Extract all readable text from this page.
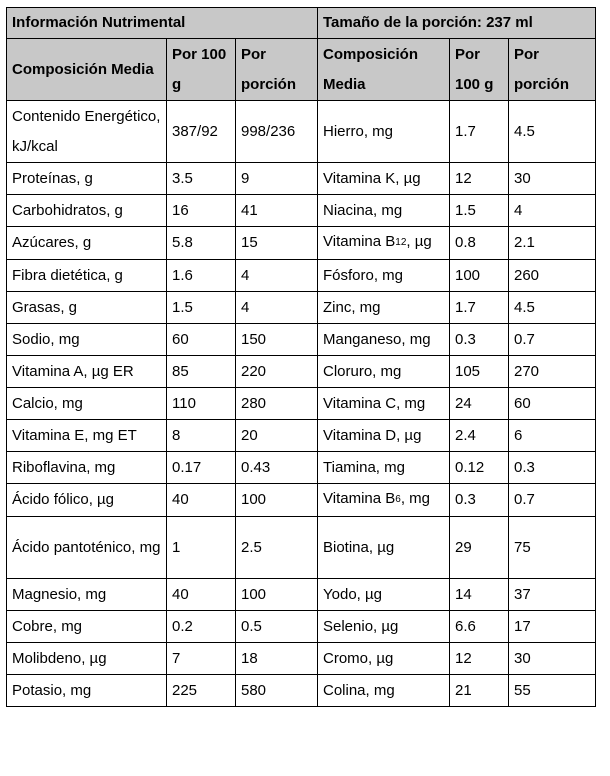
Información Nutrimental			Tamaño de la porción: 237 ml		
Composición Media	Por 100 g	Por porción	Composición Media	Por 100 g	Por porción
Contenido Energético, kJ/kcal	387/92	998/236	Hierro, mg	1.7	4.5
Proteínas, g	3.5	9	Vitamina K, µg	12	30
Carbohidratos, g	16	41	Niacina, mg	1.5	4
Azúcares, g	5.8	15	Vitamina $B_{12}$, µg	0.8	2.1
Fibra dietética, g	1.6	4	Fósforo, mg	100	260
Grasas, g	1.5	4	Zinc, mg	1.7	4.5
Sodio, mg	60	150	Manganeso, mg	0.3	0.7
Vitamina A, µg ER	85	220	Cloruro, mg	105	270
Calcio, mg	110	280	Vitamina C, mg	24	60
Vitamina E, mg ET	8	20	Vitamina D, µg	2.4	6
Riboflavina, mg	0.17	0.43	Tiamina, mg	0.12	0.3
Ácido fólico, µg	40	100	Vitamina $B_6$, mg	0.3	0.7
Ácido pantoténico, mg	1	2.5	Biotina, µg	29	75
Magnesio, mg	40	100	Yodo, µg	14	37
Cobre, mg	0.2	0.5	Selenio, µg	6.6	17
Molibdeno, µg	7	18	Cromo, µg	12	30
Potasio, mg	225	580	Colina, mg	21	55
